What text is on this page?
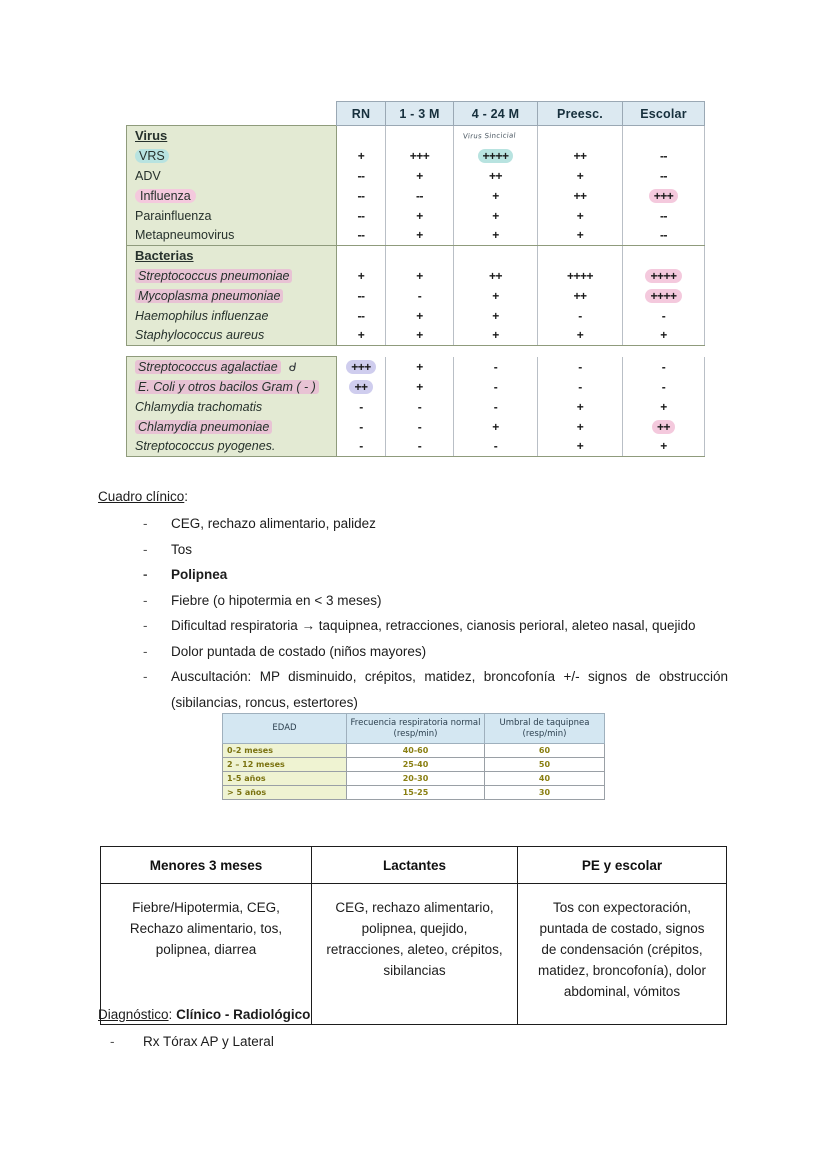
	RN	1 - 3 M	4 - 24 M	Preesc.	Escolar
Virus					
VRS	+	+++	++++	++	--
ADV	--	+	++	+	--
Influenza	--	--	+	++	+++
Parainfluenza	--	+	+	+	--
Metapneumovirus	--	+	+	+	--
Bacterias					
Streptococcus pneumoniae	+	+	++	++++	++++
Mycoplasma pneumoniae	--	-	+	++	++++
Haemophilus influenzae	--	+	+	-	-
Staphylococcus aureus	+	+	+	+	+

Streptococcus agalactiae ᑯ	+++	+	-	-	-
E. Coli y otros bacilos Gram ( - )	++	+	-	-	-
Chlamydia trachomatis	-	-	-	+	+
Chlamydia pneumoniae	-	-	+	+	++
Streptococcus pyogenes.	-	-	-	+	+
Virus Sincicial
Cuadro clínico:
- CEG, rechazo alimentario, palidez
- Tos
- Polipnea
- Fiebre (o hipotermia en < 3 meses)
- Dificultad respiratoria → taquipnea, retracciones, cianosis perioral, aleteo nasal, quejido
- Dolor puntada de costado (niños mayores)
- Auscultación: MP disminuido, crépitos, matidez, broncofonía +/- signos de obstrucción (sibilancias, roncus, estertores)
EDAD

Frecuencia respiratoria normal
(resp/min)

Umbral de taquipnea
(resp/min)

0-2 meses	40-60	60
2 – 12 meses	25-40	50
1-5 años	20-30	40
> 5 años	15-25	30
Menores 3 meses	Lactantes	PE y escolar
Fiebre/Hipotermia, CEG, Rechazo alimentario, tos, polipnea, diarrea	CEG, rechazo alimentario, polipnea, quejido, retracciones, aleteo, crépitos, sibilancias	Tos con expectoración, puntada de costado, signos de condensación (crépitos, matidez, broncofonía), dolor abdominal, vómitos
Diagnóstico: Clínico - Radiológico
- Rx Tórax AP y Lateral
